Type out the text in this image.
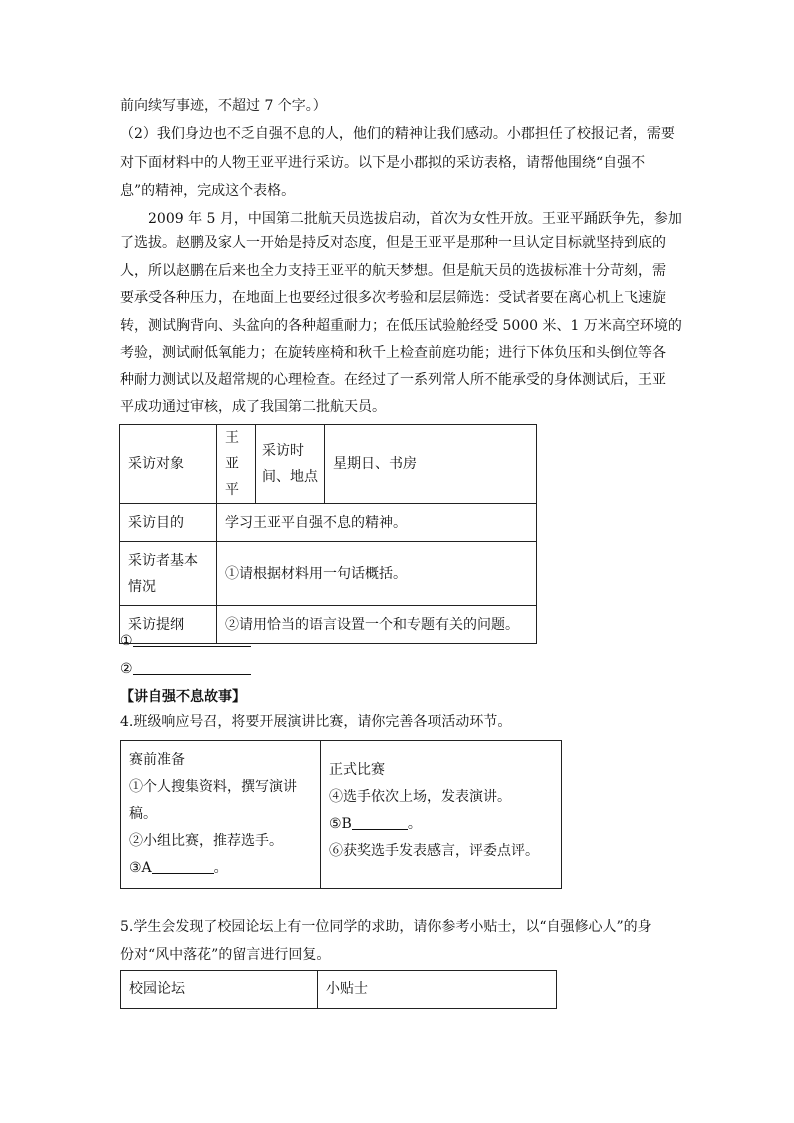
前向续写事迹，不超过 7 个字。）
（2）我们身边也不乏自强不息的人，他们的精神让我们感动。小郡担任了校报记者，需要
对下面材料中的人物王亚平进行采访。以下是小郡拟的采访表格，请帮他围绕“自强不
息”的精神，完成这个表格。
2009 年 5 月，中国第二批航天员选拔启动，首次为女性开放。王亚平踊跃争先，参加
了选拔。赵鹏及家人一开始是持反对态度，但是王亚平是那种一旦认定目标就坚持到底的
人，所以赵鹏在后来也全力支持王亚平的航天梦想。但是航天员的选拔标准十分苛刻，需
要承受各种压力，在地面上也要经过很多次考验和层层筛选：受试者要在离心机上飞速旋
转，测试胸背向、头盆向的各种超重耐力；在低压试验舱经受 5000 米、1 万米高空环境的
考验，测试耐低氧能力；在旋转座椅和秋千上检查前庭功能；进行下体负压和头倒位等各
种耐力测试以及超常规的心理检查。在经过了一系列常人所不能承受的身体测试后，王亚
平成功通过审核，成了我国第二批航天员。
采访对象	王亚平	采访时间、地点	星期日、书房
采访目的	学习王亚平自强不息的精神。		
采访者基本情况	①请根据材料用一句话概括。		
采访提纲	②请用恰当的语言设置一个和专题有关的问题。		
①
②
【讲自强不息故事】
4.班级响应号召，将要开展演讲比赛，请你完善各项活动环节。
赛前准备
①个人搜集资料，撰写演讲稿。
②小组比赛，推荐选手。
③A	。

正式比赛
④选手依次上场，发表演讲。
⑤B	。
⑥获奖选手发表感言，评委点评。
5.学生会发现了校园论坛上有一位同学的求助，请你参考小贴士，以“自强修心人”的身
份对“风中落花”的留言进行回复。
校园论坛	小贴士
